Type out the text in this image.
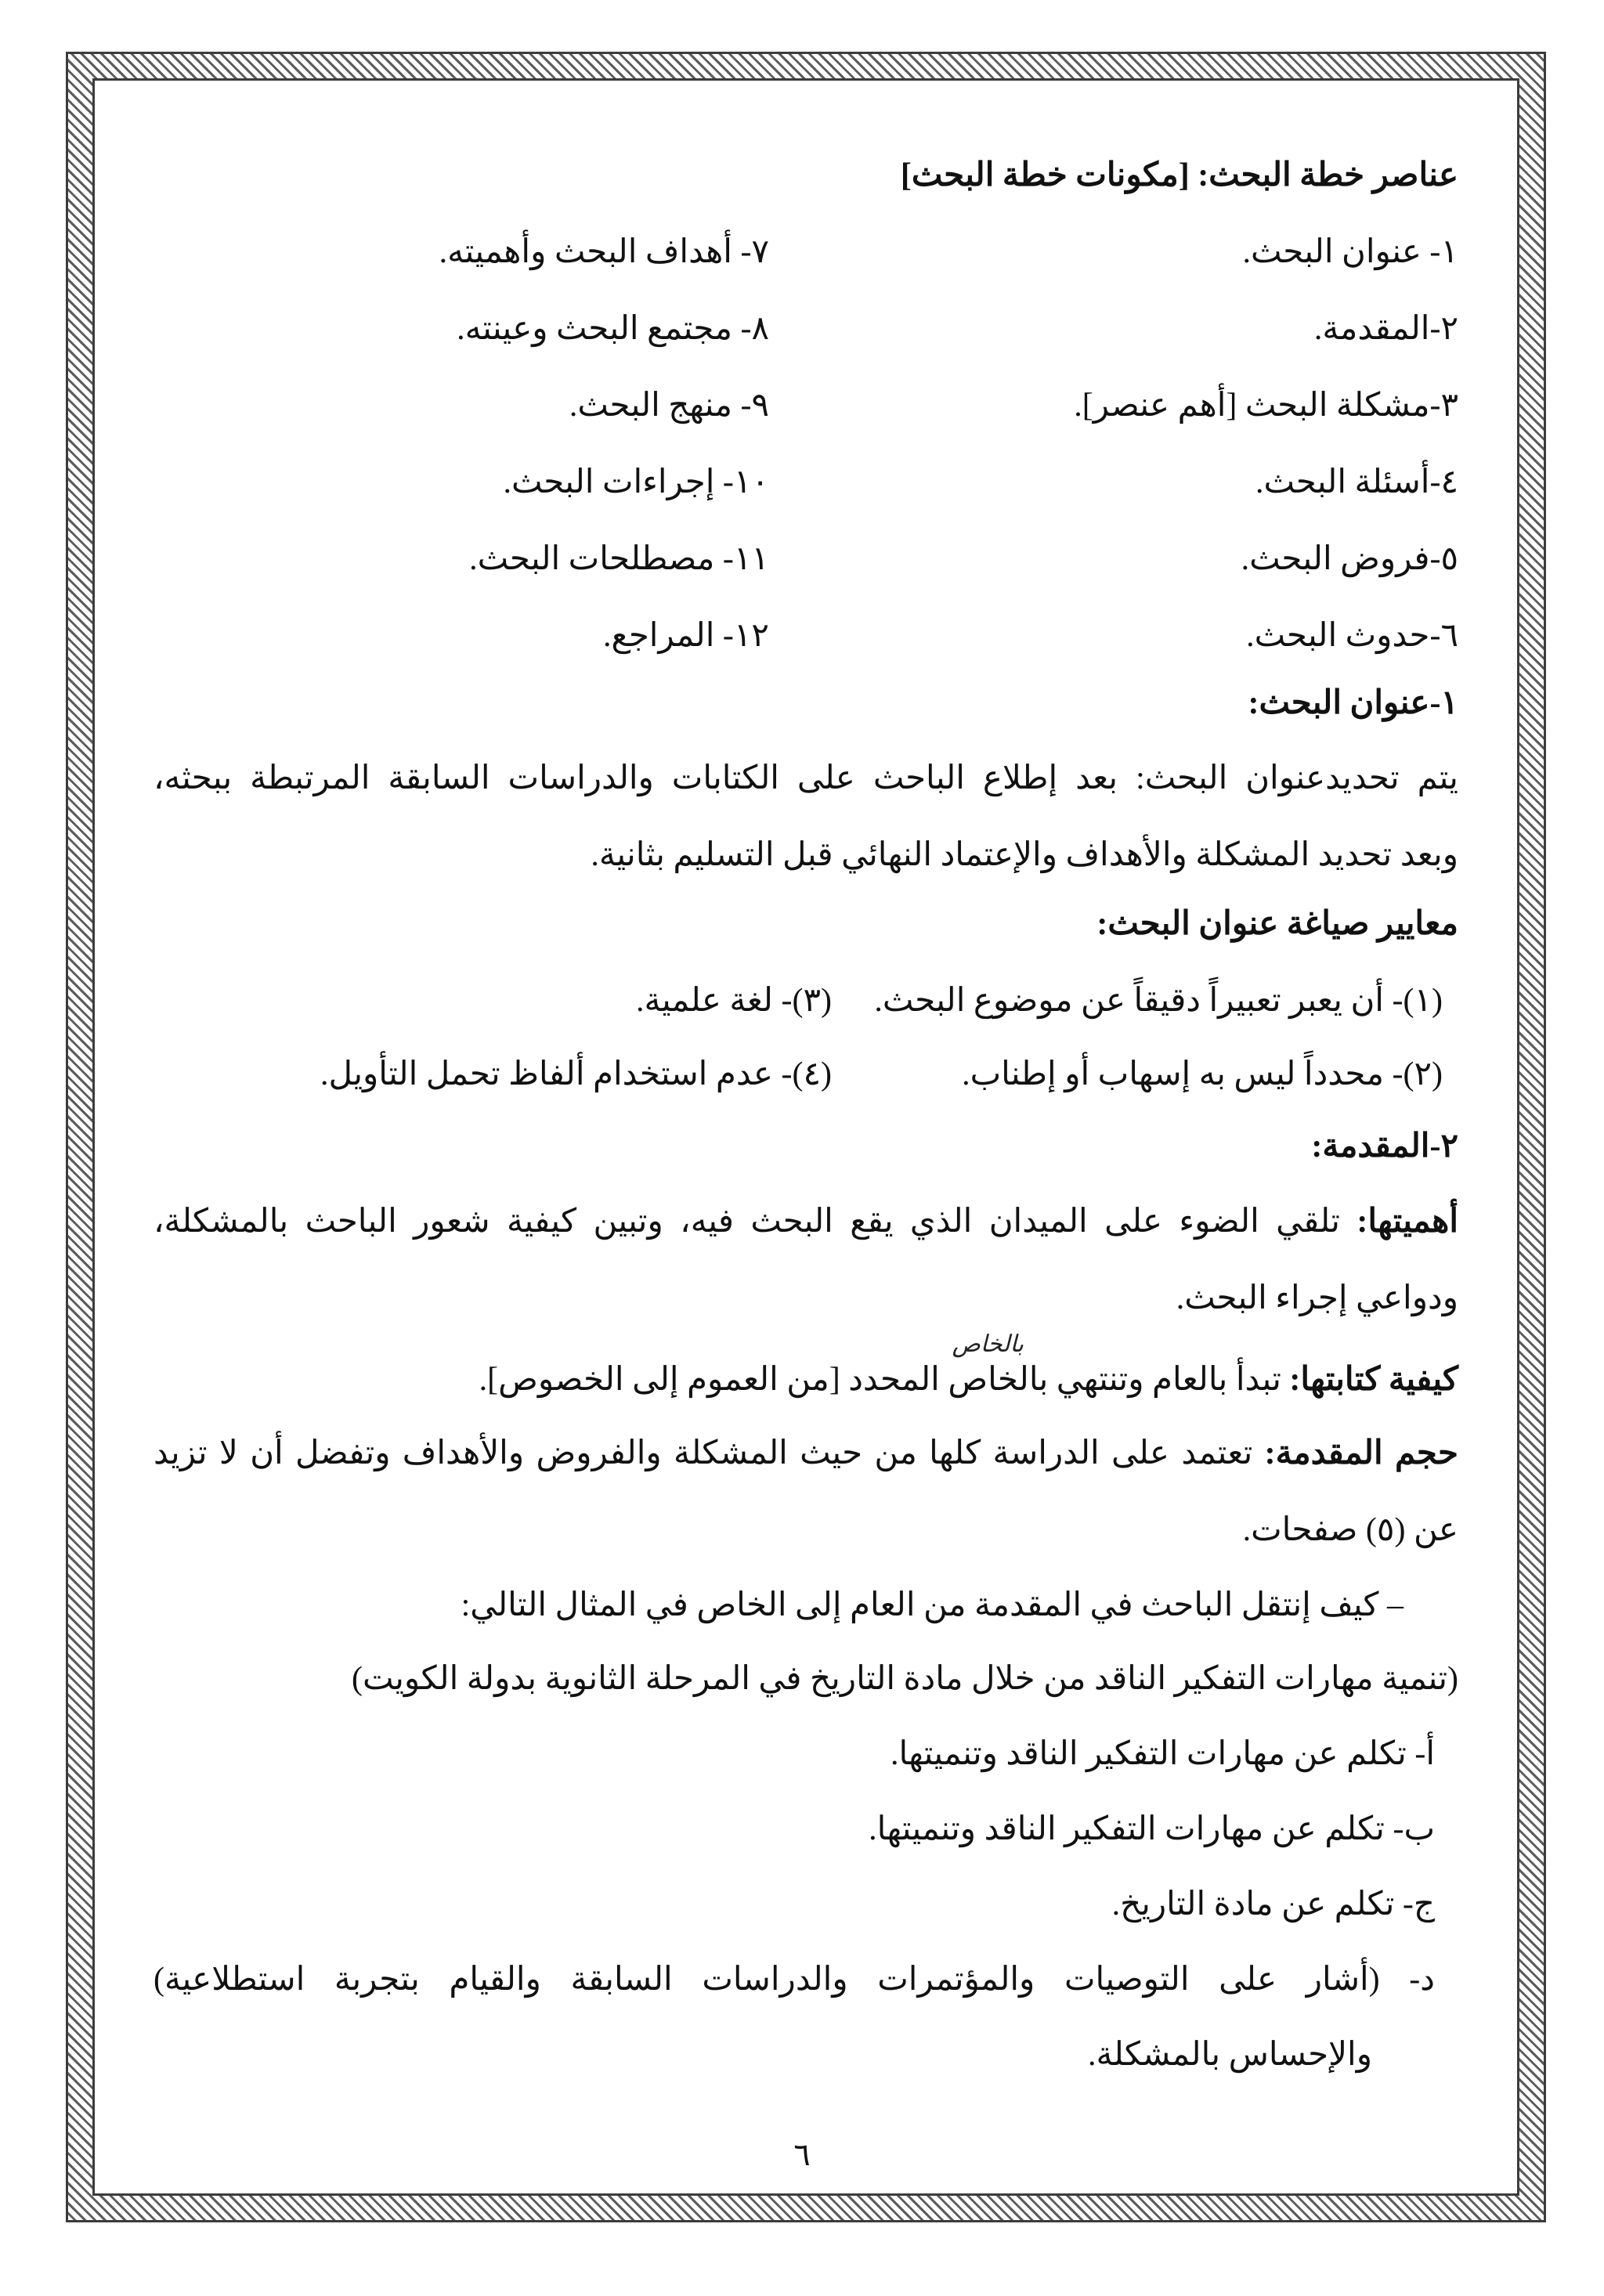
عناصر خطة البحث: [مكونات خطة البحث]
١- عنوان البحث.
٧- أهداف البحث وأهميته.
٢-المقدمة.
٨- مجتمع البحث وعينته.
٣-مشكلة البحث [أهم عنصر].
٩- منهج البحث.
٤-أسئلة البحث.
١٠- إجراءات البحث.
٥-فروض البحث.
١١- مصطلحات البحث.
٦-حدوث البحث.
١٢- المراجع.
١-عنوان البحث:
يتم تحديدعنوان البحث: بعد إطلاع الباحث على الكتابات والدراسات السابقة المرتبطة ببحثه،
وبعد تحديد المشكلة والأهداف والإعتماد النهائي قبل التسليم بثانية.
معايير صياغة عنوان البحث:
(١)- أن يعبر تعبيراً دقيقاً عن موضوع البحث.
(٣)- لغة علمية.
(٢)- محدداً ليس به إسهاب أو إطناب.
(٤)- عدم استخدام ألفاظ تحمل التأويل.
٢-المقدمة:
أهميتها: تلقي الضوء على الميدان الذي يقع البحث فيه، وتبين كيفية شعور الباحث بالمشكلة،
ودواعي إجراء البحث.
بالخاص
كيفية كتابتها: تبدأ بالعام وتنتهي بالخاص المحدد [من العموم إلى الخصوص].
حجم المقدمة: تعتمد على الدراسة كلها من حيث المشكلة والفروض والأهداف وتفضل أن لا تزيد
عن (٥) صفحات.
– كيف إنتقل الباحث في المقدمة من العام إلى الخاص في المثال التالي:
(تنمية مهارات التفكير الناقد من خلال مادة التاريخ في المرحلة الثانوية بدولة الكويت)
أ- تكلم عن مهارات التفكير الناقد وتنميتها.
ب- تكلم عن مهارات التفكير الناقد وتنميتها.
ج- تكلم عن مادة التاريخ.
د- (أشار على التوصيات والمؤتمرات والدراسات السابقة والقيام بتجربة استطلاعية)
والإحساس بالمشكلة.
٦
